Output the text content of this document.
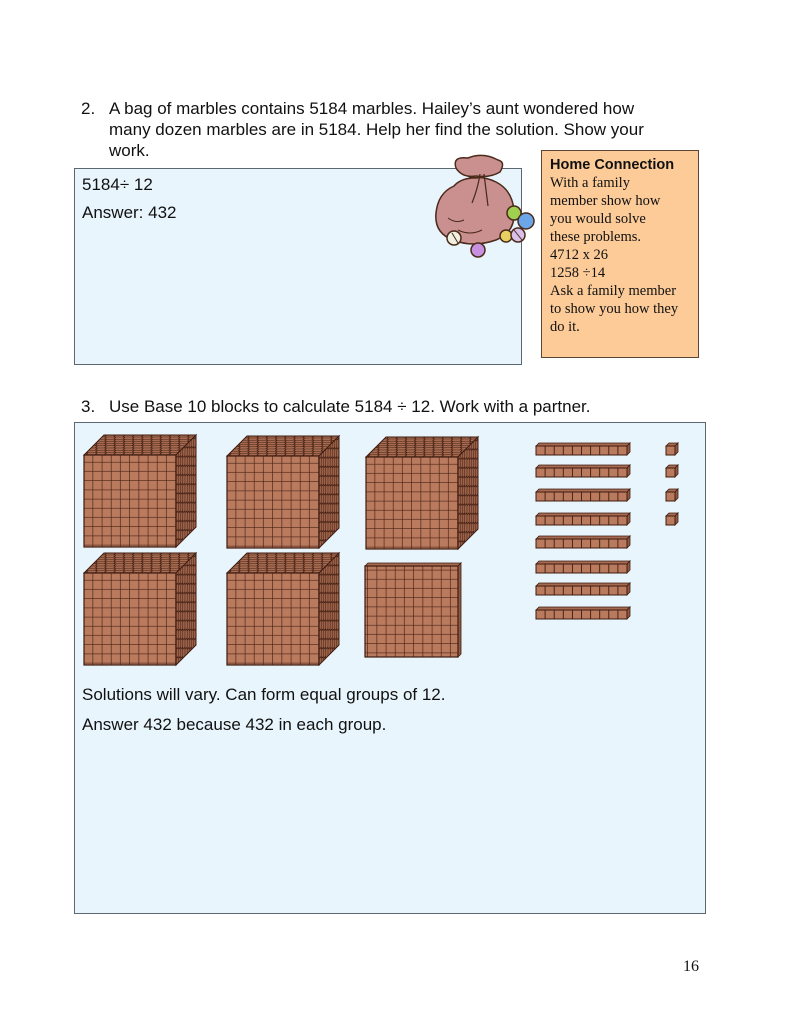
2. A bag of marbles contains 5184 marbles. Hailey’s aunt wondered how
many dozen marbles are in 5184. Help her find the solution. Show your
work.
5184÷ 12
Answer: 432
Home Connection
With a family
member show how
you would solve
these problems.
4712 x 26
1258 ÷14
Ask a family member
to show you how they
do it.
3. Use Base 10 blocks to calculate 5184 ÷ 12. Work with a partner.
Solutions will vary. Can form equal groups of 12.
Answer 432 because 432 in each group.
16
